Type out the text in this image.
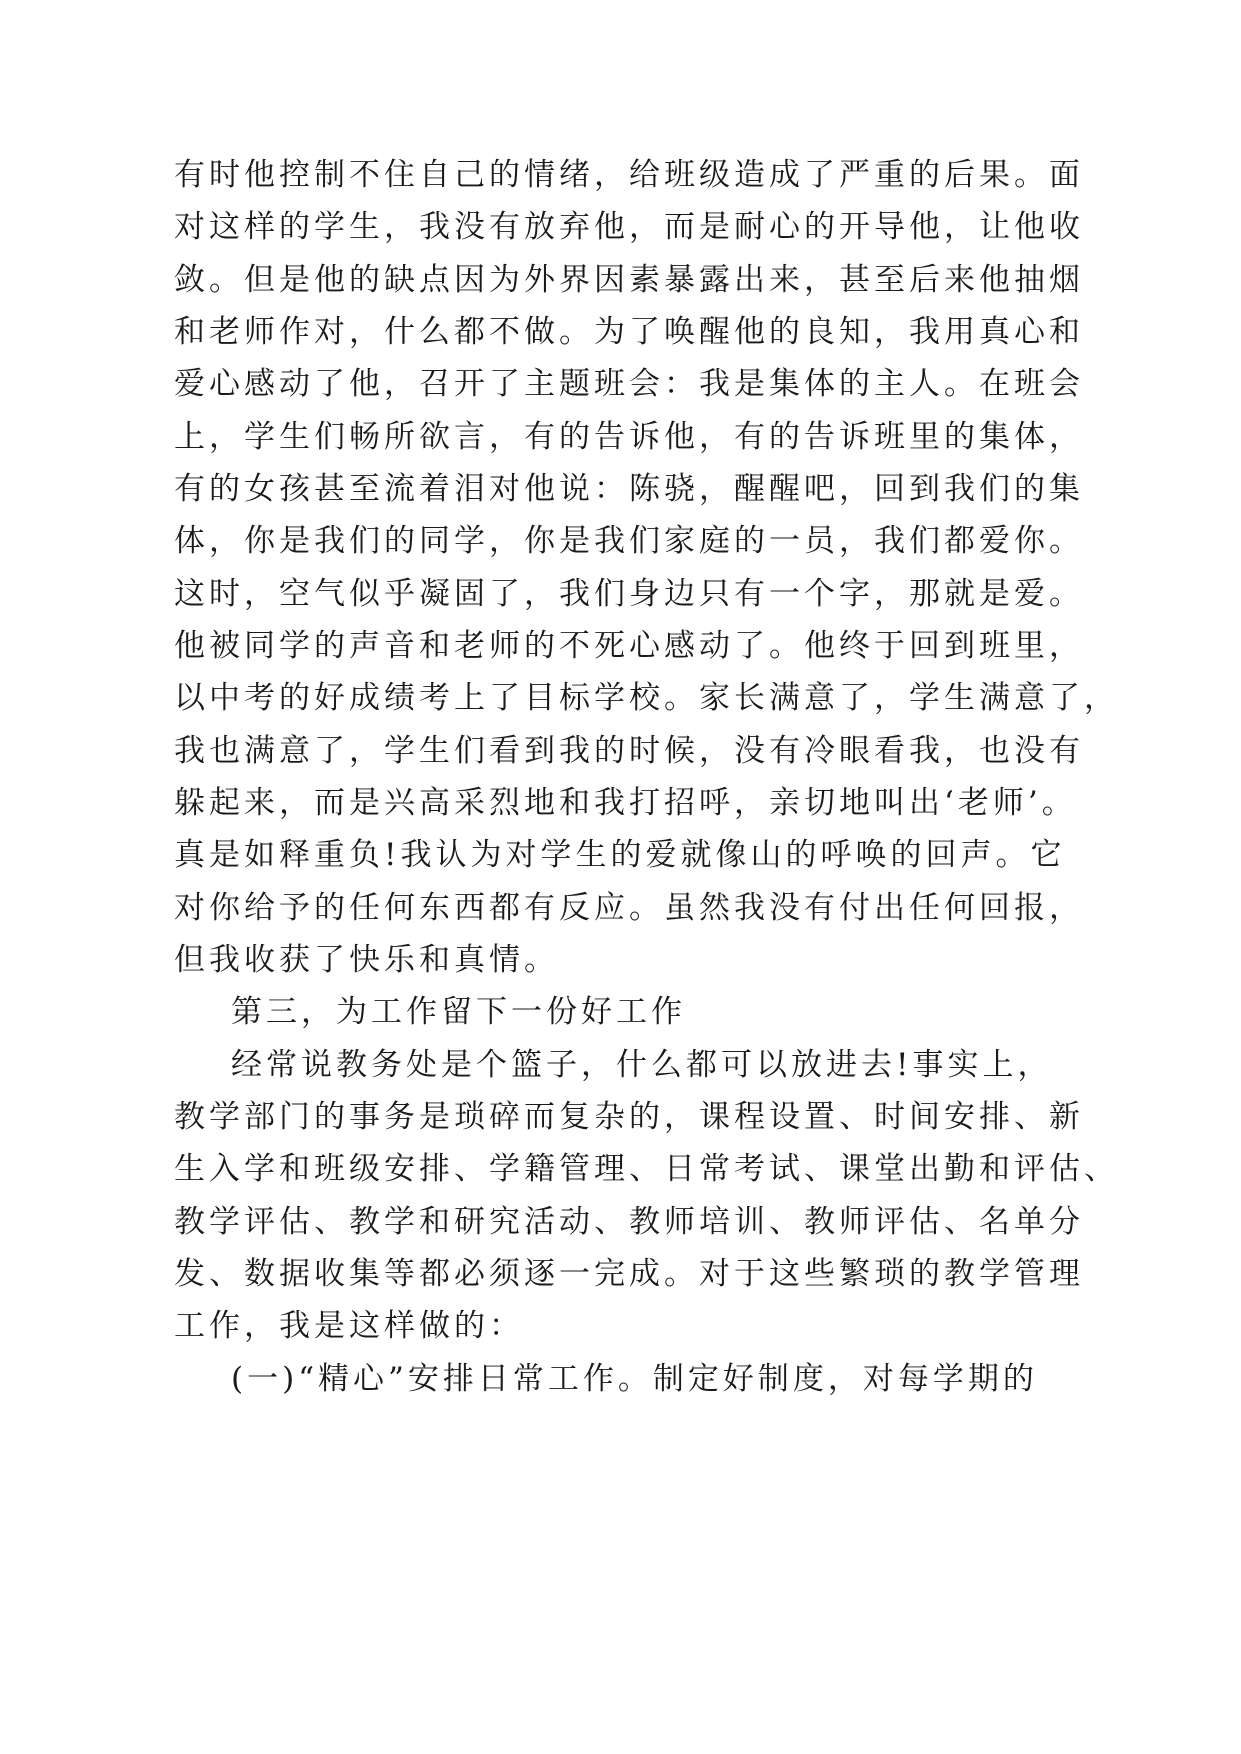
有时他控制不住自己的情绪，给班级造成了严重的后果。面
对这样的学生，我没有放弃他，而是耐心的开导他，让他收
敛。但是他的缺点因为外界因素暴露出来，甚至后来他抽烟
和老师作对，什么都不做。为了唤醒他的良知，我用真心和
爱心感动了他，召开了主题班会：我是集体的主人。在班会
上，学生们畅所欲言，有的告诉他，有的告诉班里的集体，
有的女孩甚至流着泪对他说：陈骁，醒醒吧，回到我们的集
体，你是我们的同学，你是我们家庭的一员，我们都爱你。
这时，空气似乎凝固了，我们身边只有一个字，那就是爱。
他被同学的声音和老师的不死心感动了。他终于回到班里，
以中考的好成绩考上了目标学校。家长满意了，学生满意了，
我也满意了，学生们看到我的时候，没有冷眼看我，也没有
躲起来，而是兴高采烈地和我打招呼，亲切地叫出‘老师’。
真是如释重负!我认为对学生的爱就像山的呼唤的回声。它
对你给予的任何东西都有反应。虽然我没有付出任何回报，
但我收获了快乐和真情。
第三，为工作留下一份好工作
经常说教务处是个篮子，什么都可以放进去!事实上，
教学部门的事务是琐碎而复杂的，课程设置、时间安排、新
生入学和班级安排、学籍管理、日常考试、课堂出勤和评估、
教学评估、教学和研究活动、教师培训、教师评估、名单分
发、数据收集等都必须逐一完成。对于这些繁琐的教学管理
工作，我是这样做的：
(一)“精心”安排日常工作。制定好制度，对每学期的
